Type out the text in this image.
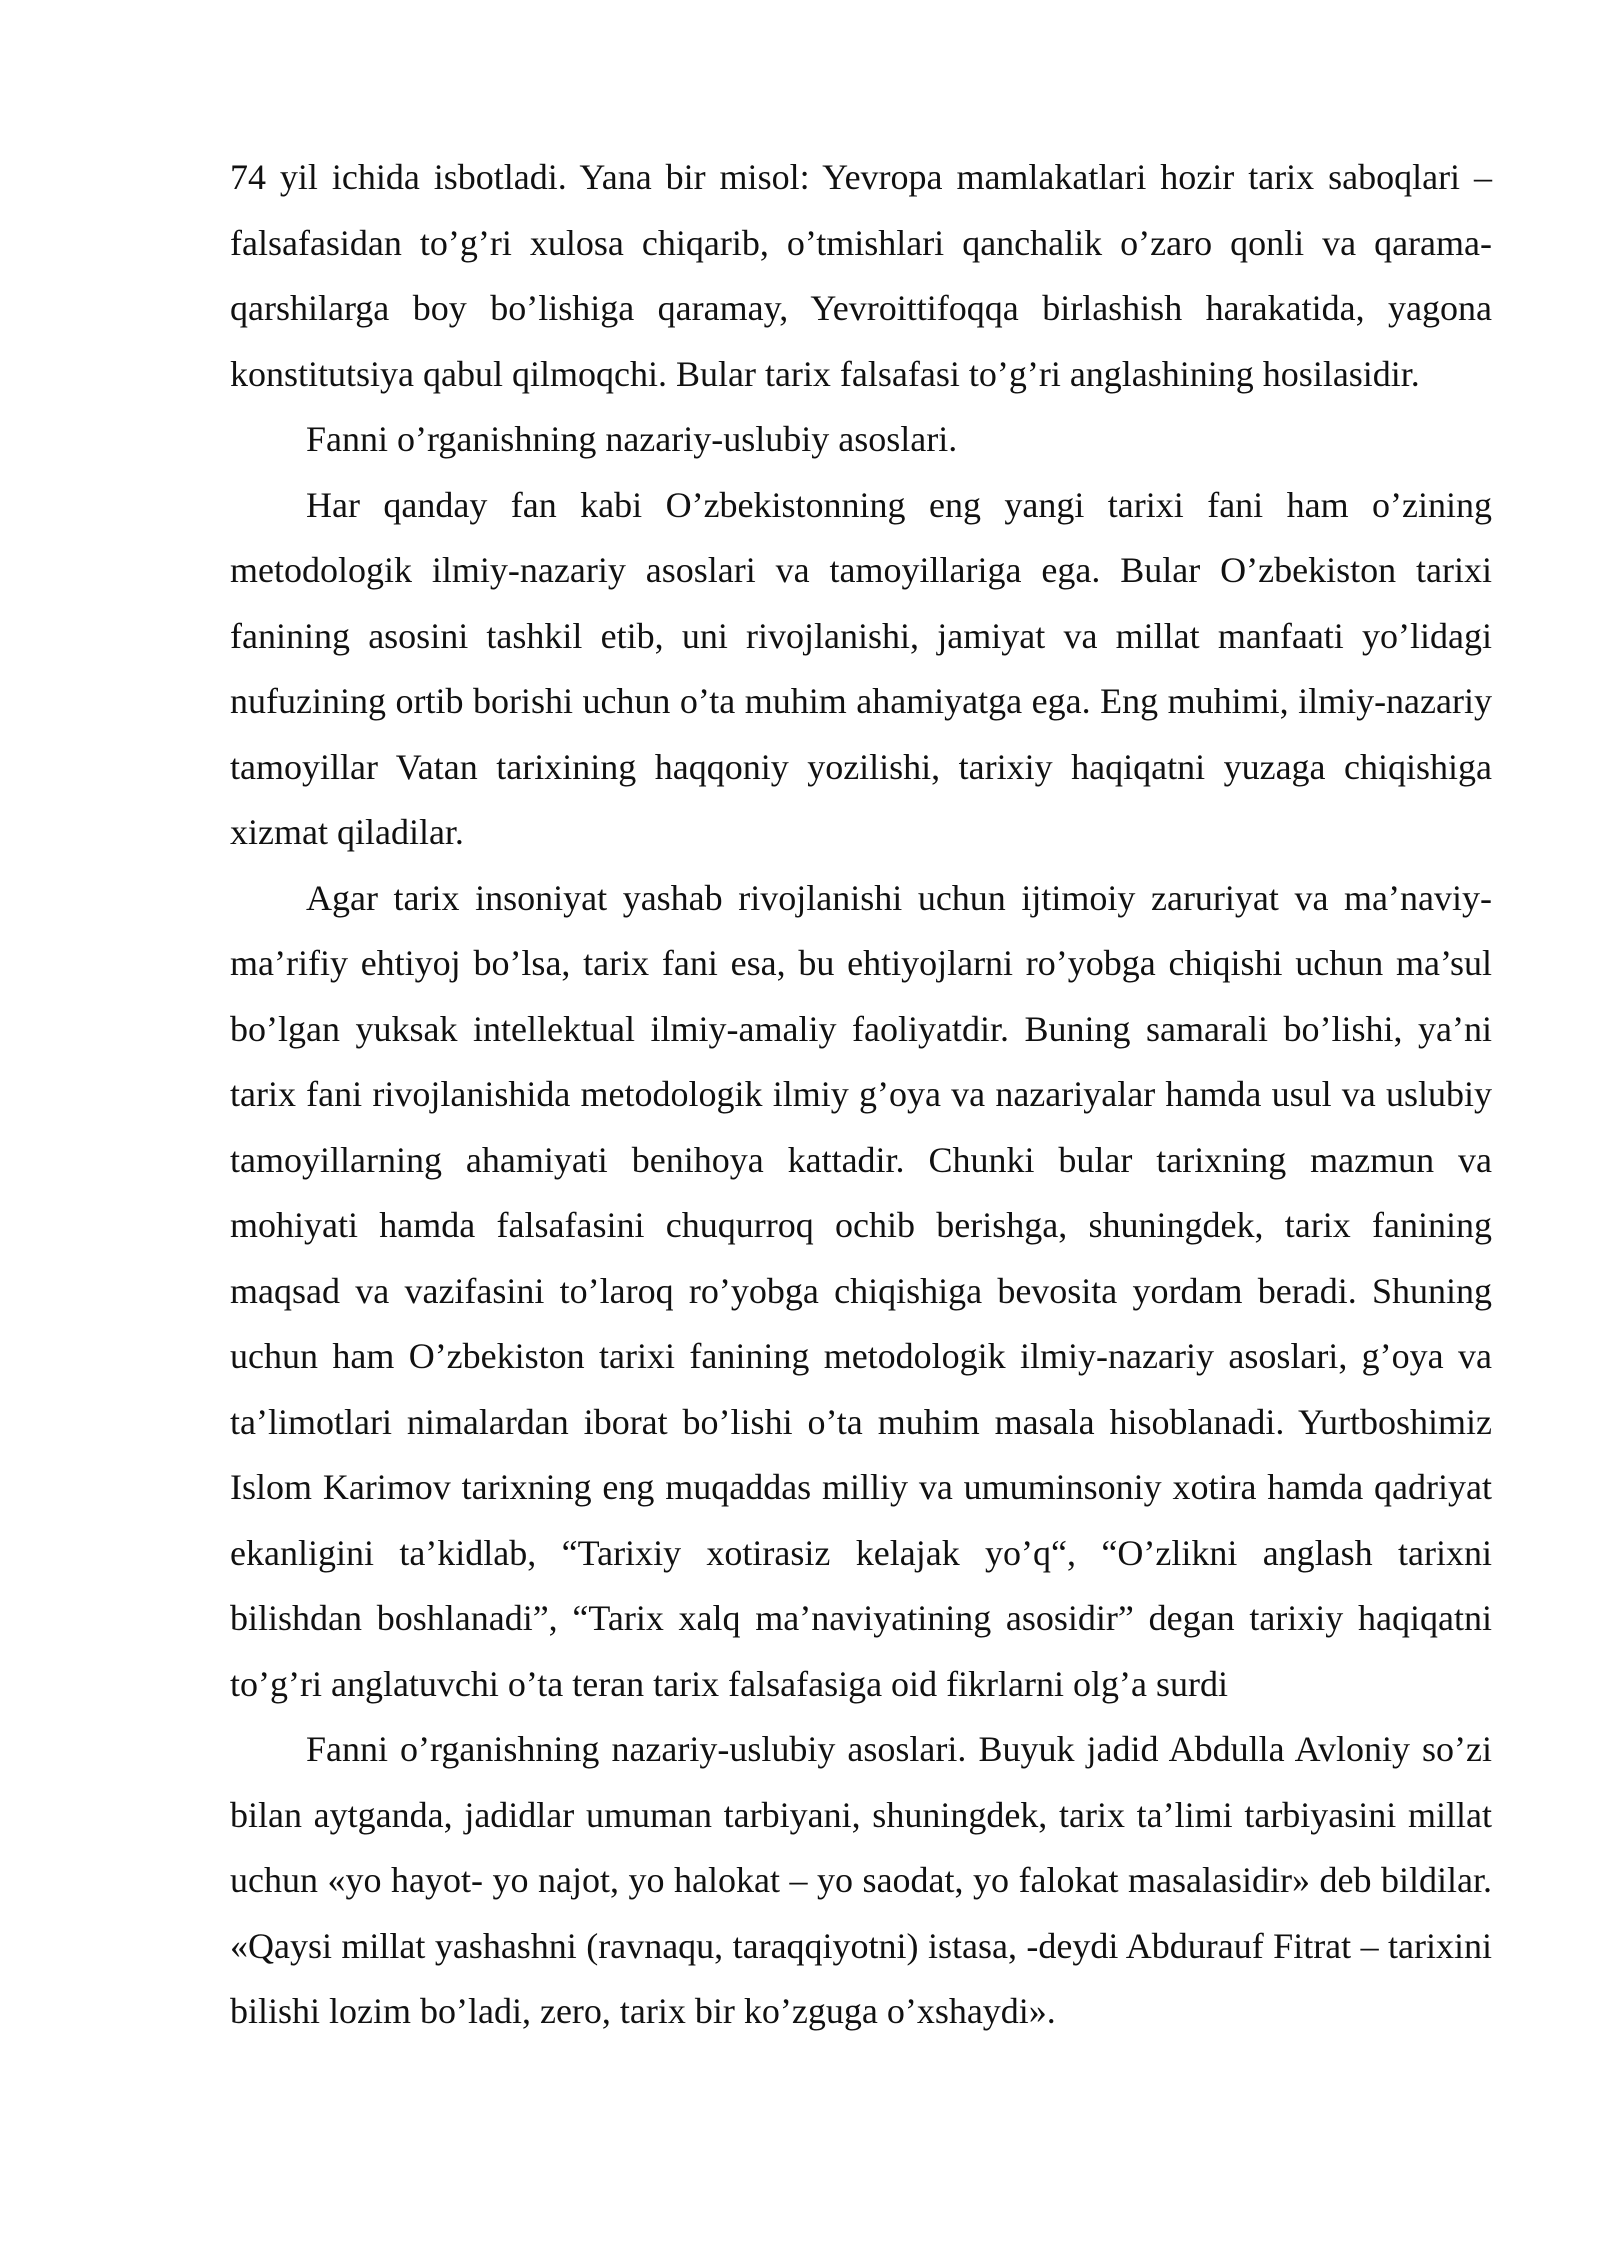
74 yil ichida isbotladi. Yana bir misol: Yevropa mamlakatlari hozir tarix saboqlari – falsafasidan to’g’ri xulosa chiqarib, o’tmishlari qanchalik o’zaro qonli va qarama-qarshilarga boy bo’lishiga qaramay, Yevroittifoqqa birlashish harakatida, yagona konstitutsiya qabul qilmoqchi. Bular tarix falsafasi to’g’ri anglashining hosilasidir.

Fanni o’rganishning nazariy-uslubiy asoslari.

Har qanday fan kabi O’zbekistonning eng yangi tarixi fani ham o’zining metodologik ilmiy-nazariy asoslari va tamoyillariga ega. Bular O’zbekiston tarixi fanining asosini tashkil etib, uni rivojlanishi, jamiyat va millat manfaati yo’lidagi nufuzining ortib borishi uchun o’ta muhim ahamiyatga ega. Eng muhimi, ilmiy-nazariy tamoyillar Vatan tarixining haqqoniy yozilishi, tarixiy haqiqatni yuzaga chiqishiga xizmat qiladilar.

Agar tarix insoniyat yashab rivojlanishi uchun ijtimoiy zaruriyat va ma’naviy-ma’rifiy ehtiyoj bo’lsa, tarix fani esa, bu ehtiyojlarni ro’yobga chiqishi uchun ma’sul bo’lgan yuksak intellektual ilmiy-amaliy faoliyatdir. Buning samarali bo’lishi, ya’ni tarix fani rivojlanishida metodologik ilmiy g’oya va nazariyalar hamda usul va uslubiy tamoyillarning ahamiyati benihoya kattadir. Chunki bular tarixning mazmun va mohiyati hamda falsafasini chuqurroq ochib berishga, shuningdek, tarix fanining maqsad va vazifasini to’laroq ro’yobga chiqishiga bevosita yordam beradi. Shuning uchun ham O’zbekiston tarixi fanining metodologik ilmiy-nazariy asoslari, g’oya va ta’limotlari nimalardan iborat bo’lishi o’ta muhim masala hisoblanadi. Yurtboshimiz Islom Karimov tarixning eng muqaddas milliy va umuminsoniy xotira hamda qadriyat ekanligini ta’kidlab, “Tarixiy xotirasiz kelajak yo’q“, “O’zlikni anglash tarixni bilishdan boshlanadi”, “Tarix xalq ma’naviyatining asosidir” degan tarixiy haqiqatni to’g’ri anglatuvchi o’ta teran tarix falsafasiga oid fikrlarni olg’a surdi

Fanni o’rganishning nazariy-uslubiy asoslari. Buyuk jadid Abdulla Avloniy so’zi bilan aytganda, jadidlar umuman tarbiyani, shuningdek, tarix ta’limi tarbiyasini millat uchun «yo hayot- yo najot, yo halokat – yo saodat, yo falokat masalasidir» deb bildilar. «Qaysi millat yashashni (ravnaqu, taraqqiyotni) istasa, -deydi Abdurauf Fitrat – tarixini bilishi lozim bo’ladi, zero, tarix bir ko’zguga o’xshaydi».
